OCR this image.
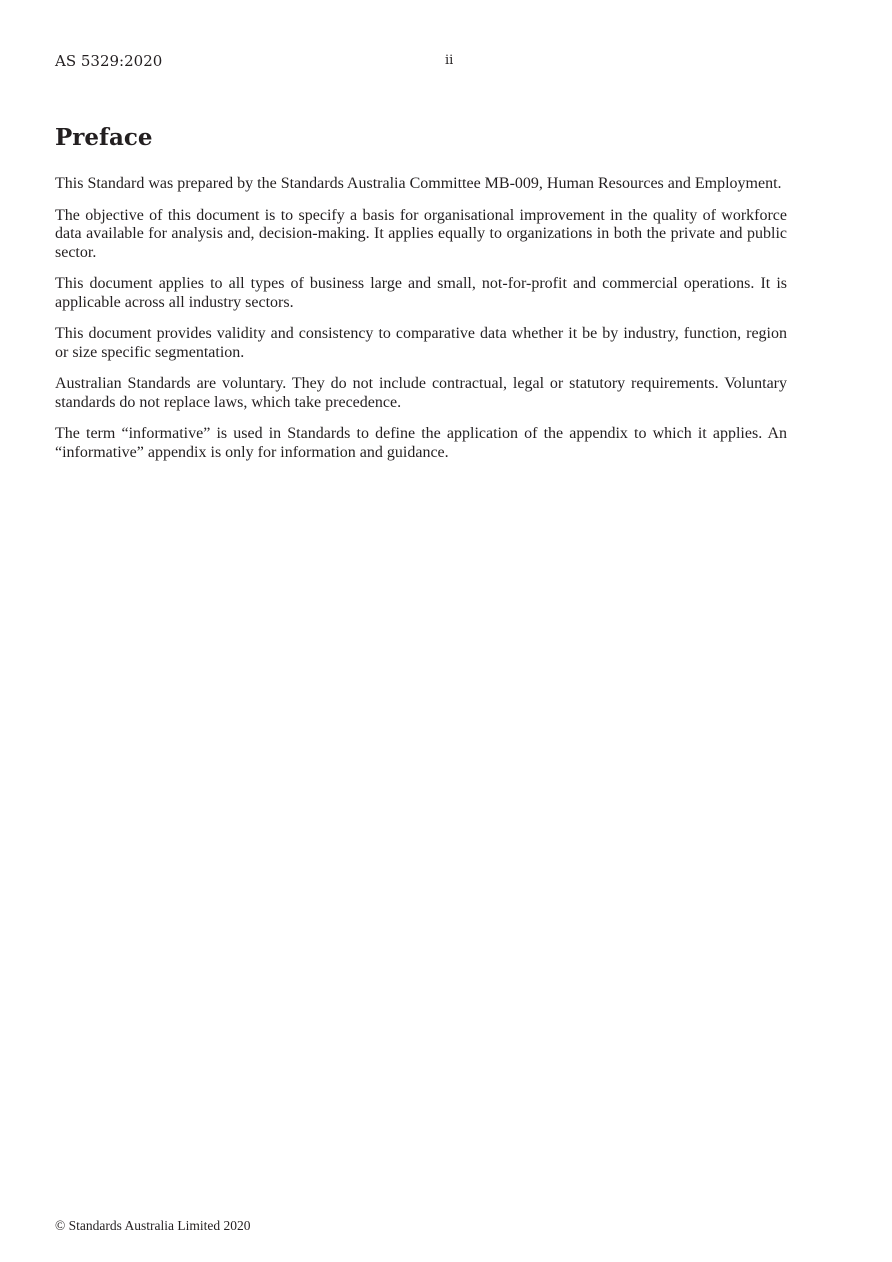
AS 5329:2020	ii
Preface

This Standard was prepared by the Standards Australia Committee MB-009, Human Resources and Employment.

The objective of this document is to specify a basis for organisational improvement in the quality of workforce data available for analysis and, decision-making. It applies equally to organizations in both the private and public sector.

This document applies to all types of business large and small, not-for-profit and commercial operations. It is applicable across all industry sectors.

This document provides validity and consistency to comparative data whether it be by industry, function, region or size specific segmentation.

Australian Standards are voluntary. They do not include contractual, legal or statutory requirements. Voluntary standards do not replace laws, which take precedence.

The term “informative” is used in Standards to define the application of the appendix to which it applies. An “informative” appendix is only for information and guidance.

© Standards Australia Limited 2020
